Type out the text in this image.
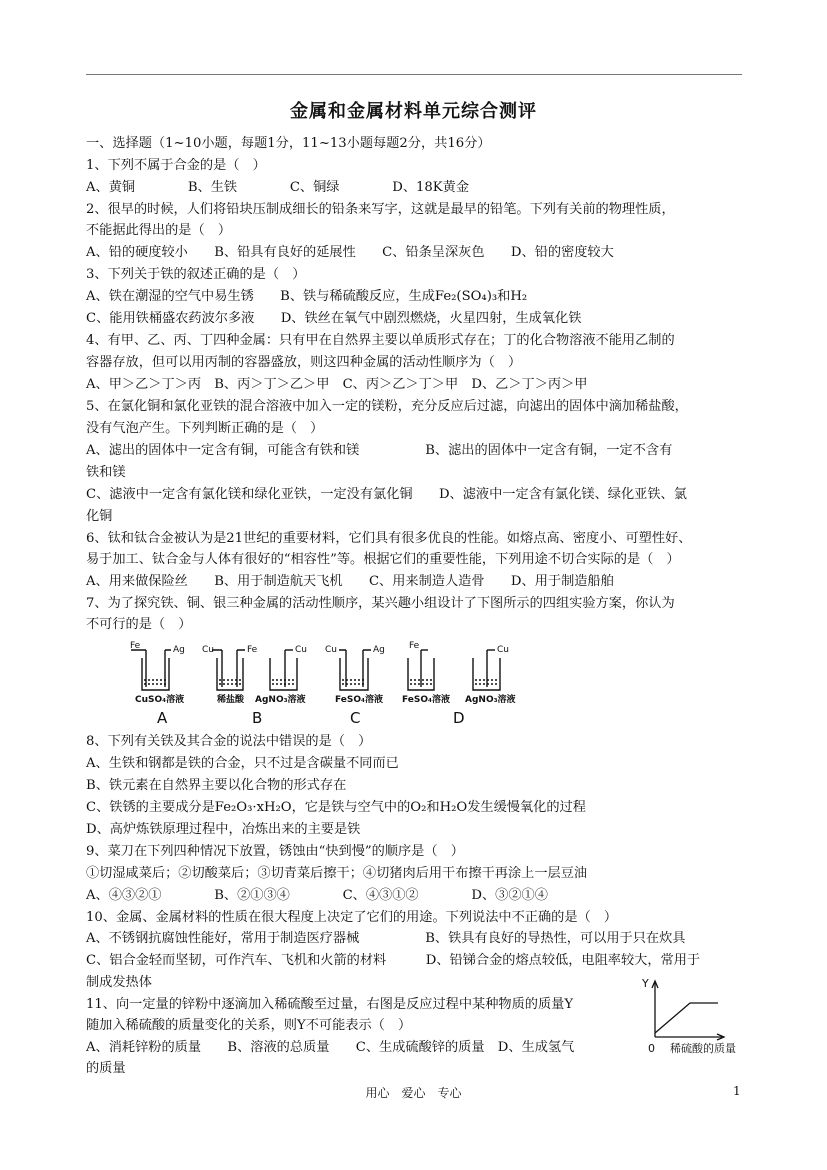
金属和金属材料单元综合测评
一、选择题（1~10小题，每题1分，11~13小题每题2分，共16分）
1、下列不属于合金的是（　）
A、黄铜　　　　B、生铁　　　　C、铜绿　　　　D、18K黄金
2、很早的时候，人们将铅块压制成细长的铅条来写字，这就是最早的铅笔。下列有关前的物理性质，
不能据此得出的是（　）
A、铅的硬度较小　　B、铅具有良好的延展性　　C、铅条呈深灰色　　D、铅的密度较大
3、下列关于铁的叙述正确的是（　）
A、铁在潮湿的空气中易生锈　　B、铁与稀硫酸反应，生成Fe₂(SO₄)₃和H₂
C、能用铁桶盛农药波尔多液　　D、铁丝在氧气中剧烈燃烧，火星四射，生成氧化铁
4、有甲、乙、丙、丁四种金属：只有甲在自然界主要以单质形式存在；丁的化合物溶液不能用乙制的
容器存放，但可以用丙制的容器盛放，则这四种金属的活动性顺序为（　）
A、甲＞乙＞丁＞丙　B、丙＞丁＞乙＞甲　C、丙＞乙＞丁＞甲　D、乙＞丁＞丙＞甲
5、在氯化铜和氯化亚铁的混合溶液中加入一定的镁粉，充分反应后过滤，向滤出的固体中滴加稀盐酸，
没有气泡产生。下列判断正确的是（　）
A、滤出的固体中一定含有铜，可能含有铁和镁　　　　　B、滤出的固体中一定含有铜，一定不含有
铁和镁
C、滤液中一定含有氯化镁和绿化亚铁，一定没有氯化铜　　D、滤液中一定含有氯化镁、绿化亚铁、氯
化铜
6、钛和钛合金被认为是21世纪的重要材料，它们具有很多优良的性能。如熔点高、密度小、可塑性好、
易于加工、钛合金与人体有很好的“相容性”等。根据它们的重要性能，下列用途不切合实际的是（　）
A、用来做保险丝　　B、用于制造航天飞机　　C、用来制造人造骨　　D、用于制造船舶
7、为了探究铁、铜、银三种金属的活动性顺序，某兴趣小组设计了下图所示的四组实验方案，你认为
不可行的是（　）
Fe	Ag Cu	Fe	Cu Cu	Ag	Fe	Cu
CuSO₄溶液	稀盐酸 AgNO₃溶液	FeSO₄溶液 FeSO₄溶液 AgNO₃溶液
A	B	C	D
8、下列有关铁及其合金的说法中错误的是（　）
A、生铁和钢都是铁的合金，只不过是含碳量不同而已
B、铁元素在自然界主要以化合物的形式存在
C、铁锈的主要成分是Fe₂O₃·xH₂O，它是铁与空气中的O₂和H₂O发生缓慢氧化的过程
D、高炉炼铁原理过程中，冶炼出来的主要是铁
9、菜刀在下列四种情况下放置，锈蚀由“快到慢”的顺序是（　）
①切湿咸菜后；②切酸菜后；③切青菜后擦干；④切猪肉后用干布擦干再涂上一层豆油
A、④③②①　　　　B、②①③④　　　　C、④③①②　　　　D、③②①④
10、金属、金属材料的性质在很大程度上决定了它们的用途。下列说法中不正确的是（　）
A、不锈钢抗腐蚀性能好，常用于制造医疗器械　　　　　B、铁具有良好的导热性，可以用于只在炊具
C、铝合金轻而坚韧，可作汽车、飞机和火箭的材料　　　D、铅锑合金的熔点较低，电阻率较大，常用于
制成发热体
11、向一定量的锌粉中逐滴加入稀硫酸至过量，右图是反应过程中某种物质的质量Y
随加入稀硫酸的质量变化的关系，则Y不可能表示（　）
A、消耗锌粉的质量　　B、溶液的总质量　　C、生成硫酸锌的质量　D、生成氢气
的质量
Y
0 稀硫酸的质量
用心　爱心　专心	1
